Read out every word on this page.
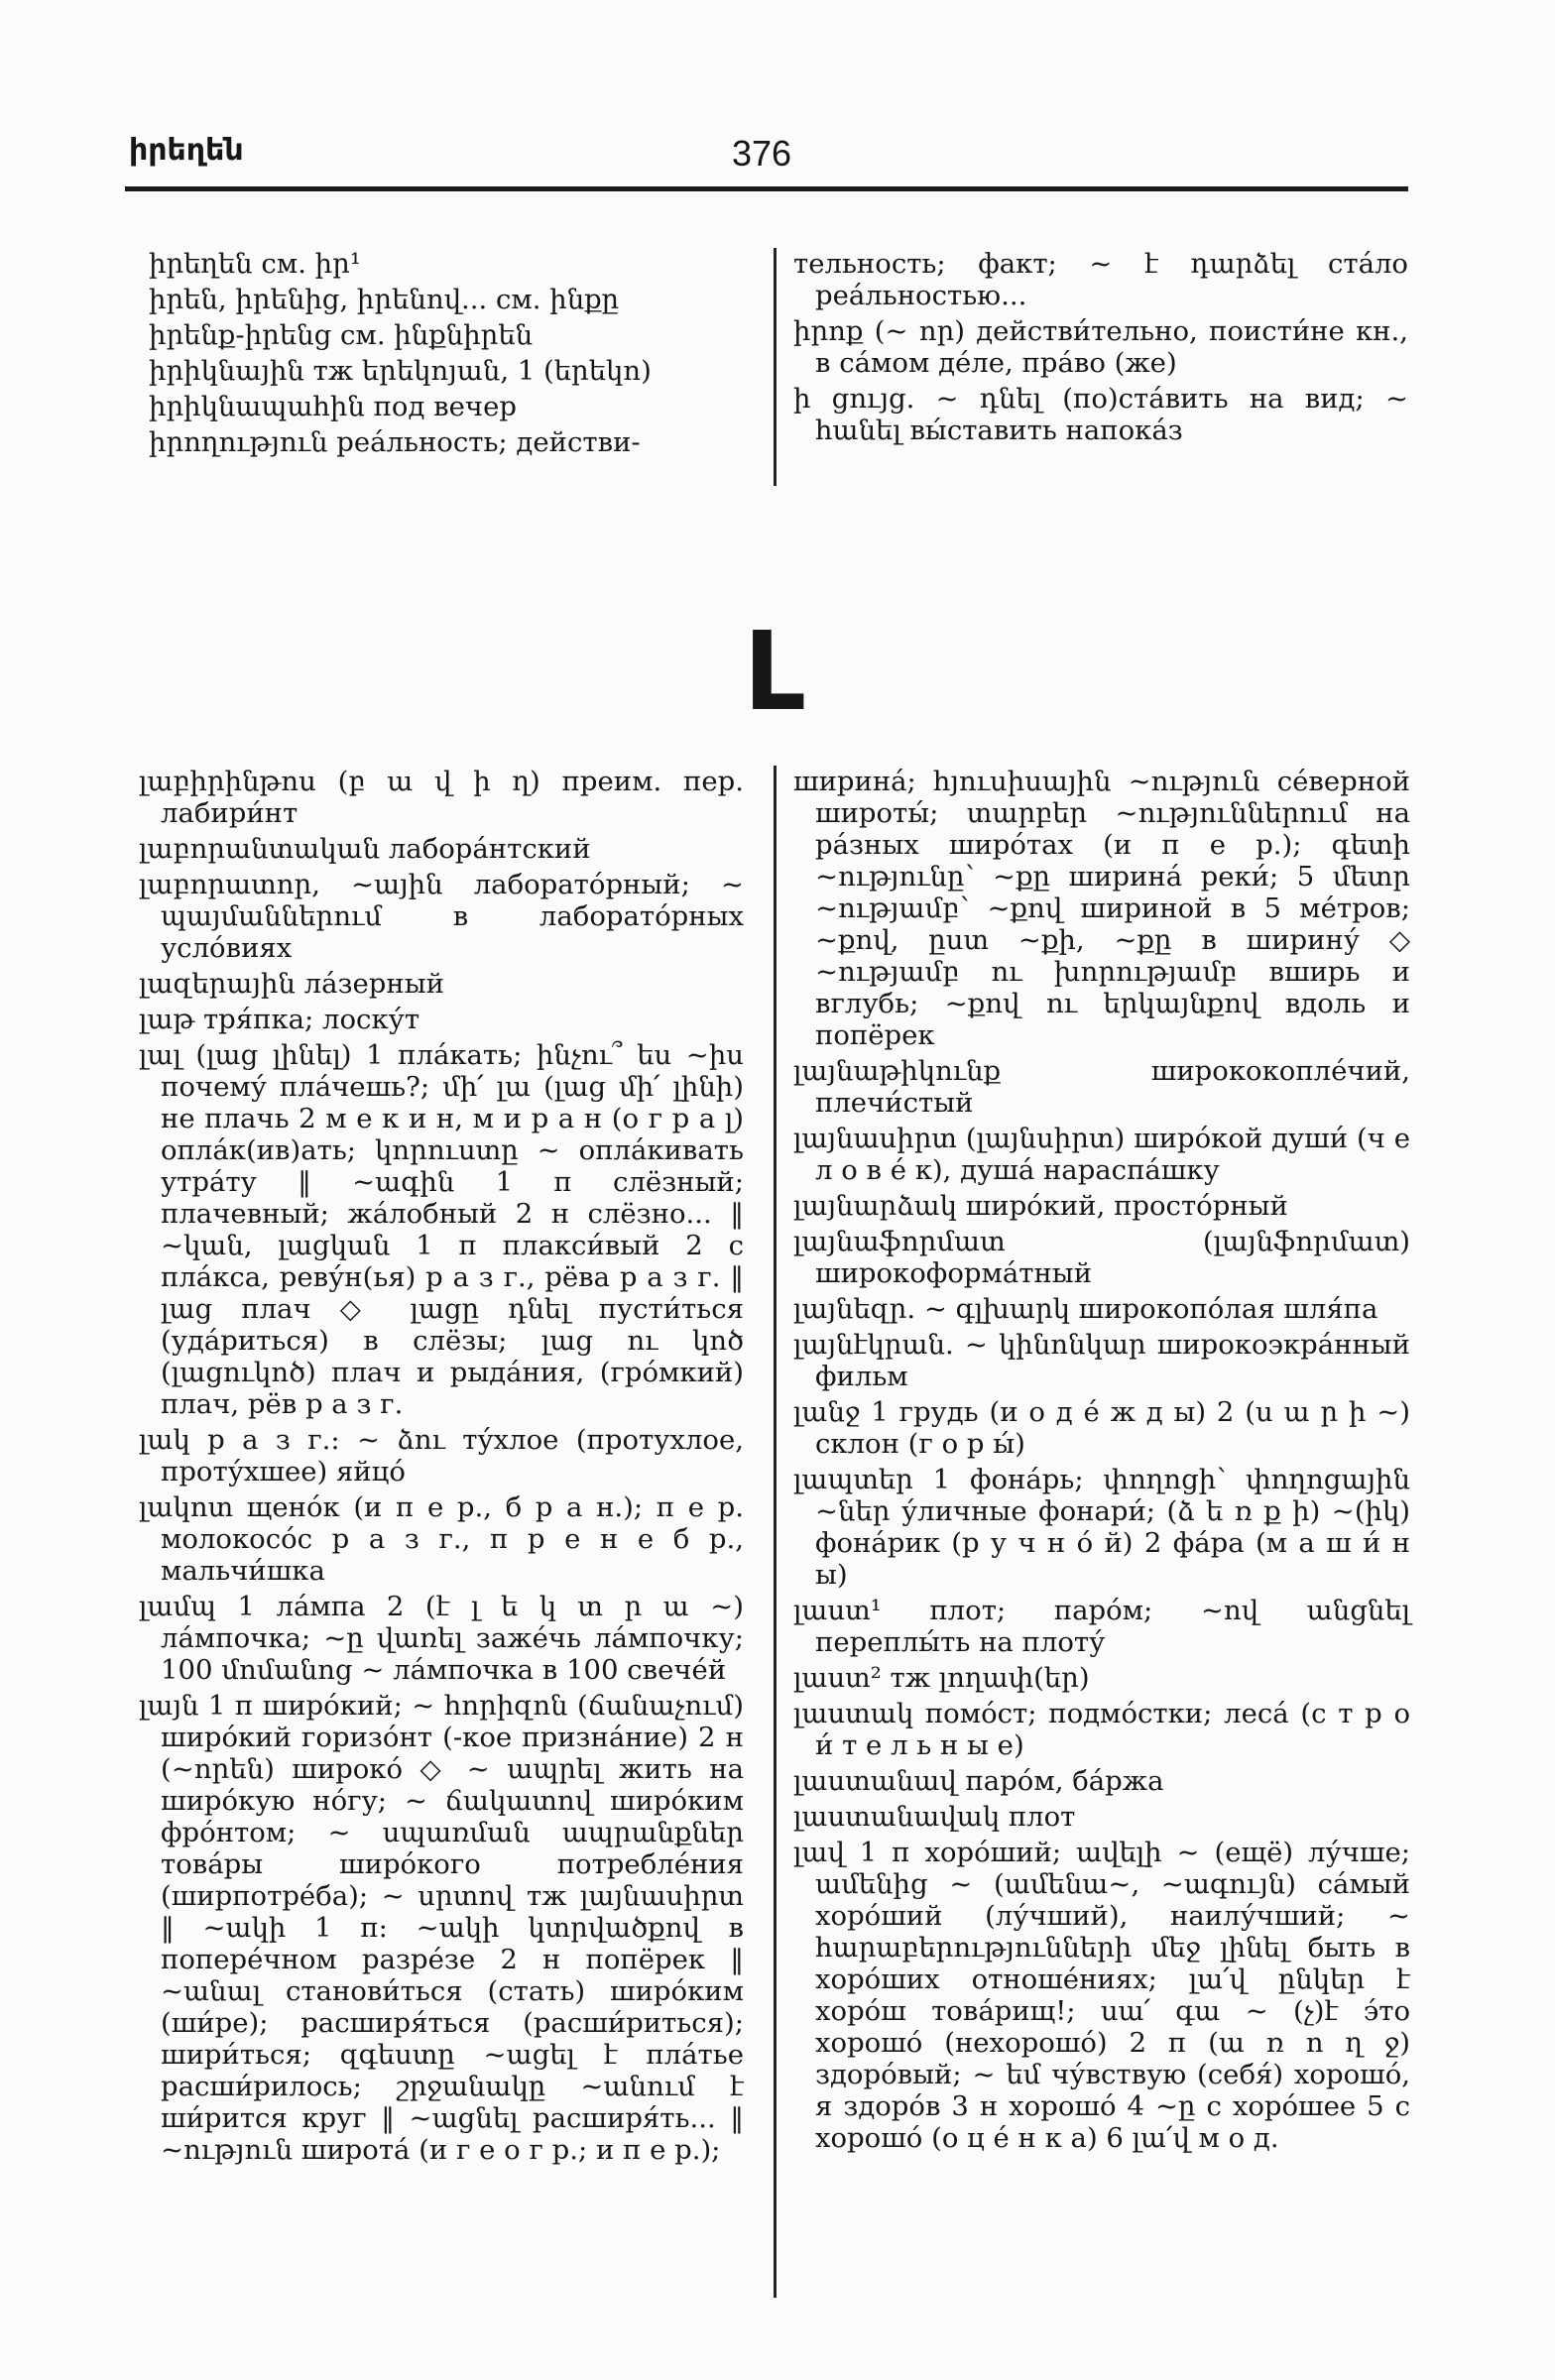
իրեղեն	376

իրեղեն см. իր¹

իրեն, իրենից, իրենով... см. ինքը

իրենք-իրենց см. ինքնիրեն

իրիկնային тж երեկոյան, 1 (երեկո)

իրիկնապահին под вечер

իրողություն реа́льность; действи-

тельность; факт; ~ է դարձել ста́ло реа́льностью...

իրոք (~ որ) действи́тельно, поисти́не кн., в са́мом де́ле, пра́во (же)

ի ցույց. ~ դնել (по)ста́вить на вид; ~ հանել вы́ставить напока́з

Լ

լաբիրինթոս (բ ա վ ի ղ) преим. пер. лабири́нт

լաբորանտական лабора́нтский

լաբորատոր, ~ային лаборато́рный; ~ պայմաններում в лаборато́рных усло́виях

լազերային ла́зерный

լաթ тря́пка; лоску́т

լալ (լաց լինել) 1 пла́кать; ինչու՞ ես ~իս почему́ пла́чешь?; մի՛ լա (լաց մի՛ լինի) не плачь 2 м е к и н, м и р а н (о г р а լ) опла́к(ив)ать; կորուստը ~ опла́кивать утра́ту ‖ ~ագին 1 п слёзный; плачевный; жа́лобный 2 н слёзно... ‖ ~կան, լացկան 1 п плакси́вый 2 с пла́кса, реву́н(ья) р а з г., рёва р а з г. ‖ լաց плач ◇ լացը դնել пусти́ться (уда́риться) в слёзы; լաց ու կոծ (լացուկոծ) плач и рыда́ния, (гро́мкий) плач, рёв р а з г.

լակ р а з г.: ~ ձու ту́хлое (протухлое, проту́хшее) яйцо́

լակոտ щено́к (и п е р., б р а н.); п е р. молокосо́с р а з г., п р е н е б р., мальчи́шка

լամպ 1 ла́мпа 2 (է լ ե կ տ ր ա ~) ла́мпочка; ~ը վառել заже́чь ла́мпочку; 100 մոմանոց ~ ла́мпочка в 100 свече́й

լայն 1 п широ́кий; ~ հորիզոն (ճանաչում) широ́кий горизо́нт (-кое призна́ние) 2 н (~որեն) широко́ ◇ ~ ապրել жить на широ́кую но́гу; ~ ճակատով широ́ким фро́нтом; ~ սպառման ապրանքներ това́ры широ́кого потребле́ния (ширпотре́ба); ~ սրտով тж լայնասիրտ ‖ ~ակի 1 п: ~ակի կտրվածքով в попере́чном разре́зе 2 н попёрек ‖ ~անալ станови́ться (стать) широ́ким (ши́ре); расширя́ться (расши́риться); шири́ться; զգեստը ~ացել է пла́тье расши́рилось; շրջանակը ~անում է ши́рится круг ‖ ~ացնել расширя́ть... ‖ ~ություն широта́ (и г е о г р.; и п е р.);

ширина́; հյուսիսային ~ություն се́верной широты́; տարբեր ~ություններում на ра́зных широ́тах (и п е р.); գետի ~ությունը՝ ~քը ширина́ реки́; 5 մետր ~ությամբ՝ ~քով шириной в 5 ме́тров; ~քով, ըստ ~քի, ~քը в ширину́ ◇ ~ությամբ ու խորությամբ вширь и вглубь; ~քով ու երկայնքով вдоль и попёрек

լայնաթիկունք ширококопле́чий, плечи́стый

լայնասիրտ (լայնսիրտ) широ́кой души́ (ч е л о в е́ к), душа́ нараспа́шку

լայնարձակ широ́кий, просто́рный

լայնաֆորմատ (լայնֆորմատ) широкоформа́тный

լայնեզր. ~ գլխարկ широкопо́лая шля́па

լայնէկրան. ~ կինոնկար широкоэкра́нный фильм

լանջ 1 грудь (и о д е́ ж д ы) 2 (ս ա ր ի ~) склон (г о р ы́)

լապտեր 1 фона́рь; փողոցի՝ փողոցային ~ներ у́личные фонари́; (ձ ե ռ ք ի) ~(իկ) фона́рик (р у ч н о́ й) 2 фа́ра (м а ш и́ н ы)

լաստ¹ плот; паро́м; ~ով անցնել переплы́ть на плоту́

լաստ² тж լողափ(եր)

լաստակ помо́ст; подмо́стки; леса́ (с т р о и́ т е л ь н ы е)

լաստանավ паро́м, ба́ржа

լաստանավակ плот

լավ 1 п хоро́ший; ավելի ~ (ещё) лу́чше; ամենից ~ (ամենա~, ~ագույն) са́мый хоро́ший (лу́чший), наилу́чший; ~ հարաբերությունների մեջ լինել быть в хоро́ших отноше́ниях; լա՛վ ընկեր է хоро́ш това́рищ!; սա՛ գա ~ (չ)է э́то хорошо́ (нехорошо́) 2 п (ա ռ ո ղ ջ) здоро́вый; ~ եմ чу́вствую (себя́) хорошо́, я здоро́в 3 н хорошо́ 4 ~ը с хоро́шее 5 с хорошо́ (о ц е́ н к а) 6 լա՛վ м о д.
